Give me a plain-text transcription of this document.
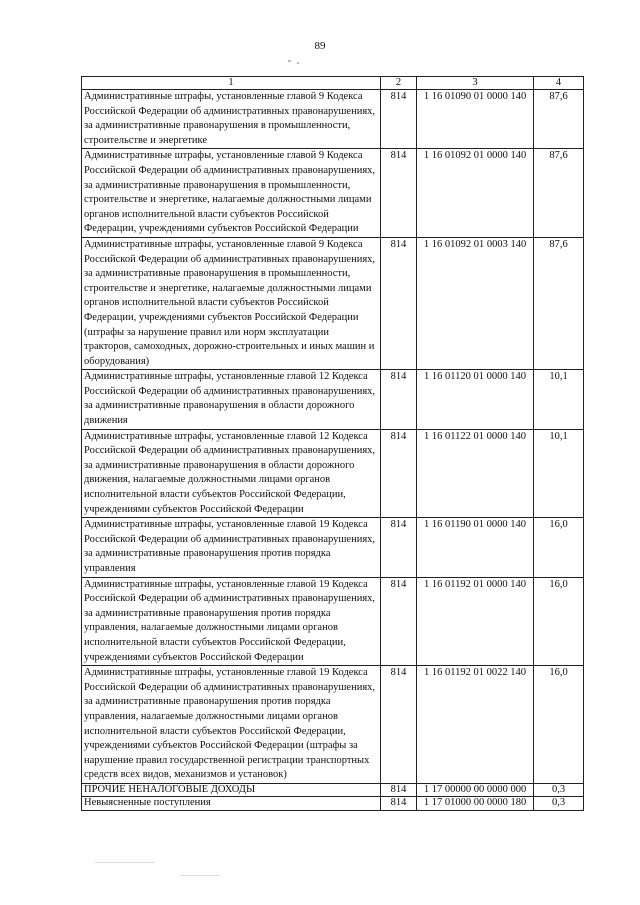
89
1	2	3	4
Административные штрафы, установленные главой 9 Кодекса Российской Федерации об административных правонарушениях, за административные правонарушения в промышленности, строительстве и энергетике	814	1 16 01090 01 0000 140	87,6
Административные штрафы, установленные главой 9 Кодекса Российской Федерации об административных правонарушениях, за административные правонарушения в промышленности, строительстве и энергетике, налагаемые должностными лицами органов исполнительной власти субъектов Российской Федерации, учреждениями субъектов Российской Федерации	814	1 16 01092 01 0000 140	87,6
Административные штрафы, установленные главой 9 Кодекса Российской Федерации об административных правонарушениях, за административные правонарушения в промышленности, строительстве и энергетике, налагаемые должностными лицами органов исполнительной власти субъектов Российской Федерации, учреждениями субъектов Российской Федерации (штрафы за нарушение правил или норм эксплуатации тракторов, самоходных, дорожно-строительных и иных машин и оборудования)	814	1 16 01092 01 0003 140	87,6
Административные штрафы, установленные главой 12 Кодекса Российской Федерации об административных правонарушениях, за административные правонарушения в области дорожного движения	814	1 16 01120 01 0000 140	10,1
Административные штрафы, установленные главой 12 Кодекса Российской Федерации об административных правонарушениях, за административные правонарушения в области дорожного движения, налагаемые должностными лицами органов исполнительной власти субъектов Российской Федерации, учреждениями субъектов Российской Федерации	814	1 16 01122 01 0000 140	10,1
Административные штрафы, установленные главой 19 Кодекса Российской Федерации об административных правонарушениях, за административные правонарушения против порядка управления	814	1 16 01190 01 0000 140	16,0
Административные штрафы, установленные главой 19 Кодекса Российской Федерации об административных правонарушениях, за административные правонарушения против порядка управления, налагаемые должностными лицами органов исполнительной власти субъектов Российской Федерации, учреждениями субъектов Российской Федерации	814	1 16 01192 01 0000 140	16,0
Административные штрафы, установленные главой 19 Кодекса Российской Федерации об административных правонарушениях, за административные правонарушения против порядка управления, налагаемые должностными лицами органов исполнительной власти субъектов Российской Федерации, учреждениями субъектов Российской Федерации (штрафы за нарушение правил государственной регистрации транспортных средств всех видов, механизмов и установок)	814	1 16 01192 01 0022 140	16,0
ПРОЧИЕ НЕНАЛОГОВЫЕ ДОХОДЫ	814	1 17 00000 00 0000 000	0,3
Невыясненные поступления	814	1 17 01000 00 0000 180	0,3
